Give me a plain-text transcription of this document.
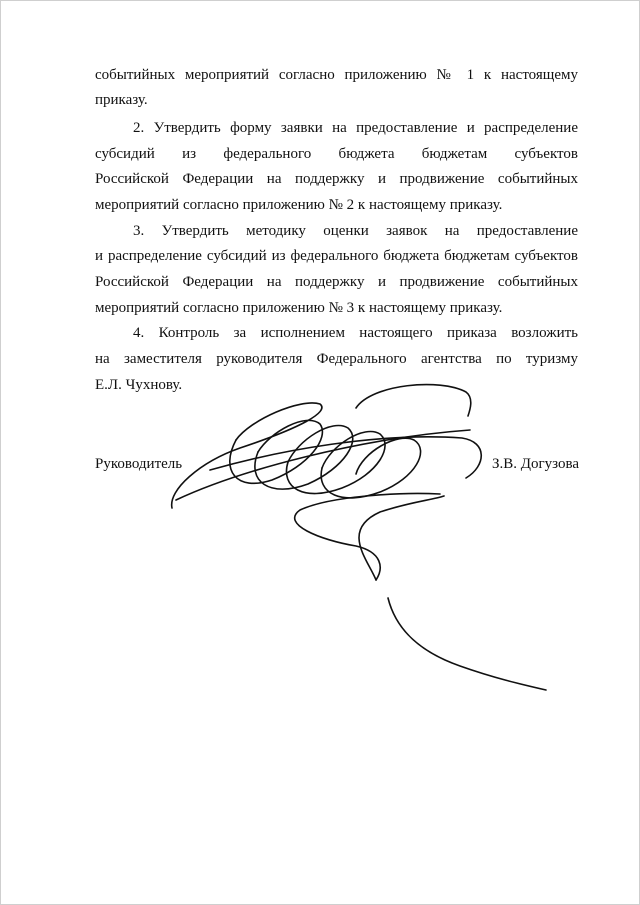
событийных мероприятий согласно приложению № 1 к настоящему
приказу.
2. Утвердить форму заявки на предоставление и распределение
субсидий из федерального бюджета бюджетам субъектов
Российской Федерации на поддержку и продвижение событийных
мероприятий согласно приложению № 2 к настоящему приказу.
3. Утвердить методику оценки заявок на предоставление
и распределение субсидий из федерального бюджета бюджетам субъектов
Российской Федерации на поддержку и продвижение событийных
мероприятий согласно приложению № 3 к настоящему приказу.
4. Контроль за исполнением настоящего приказа возложить
на заместителя руководителя Федерального агентства по туризму
Е.Л. Чухнову.
Руководитель	З.В. Догузова
